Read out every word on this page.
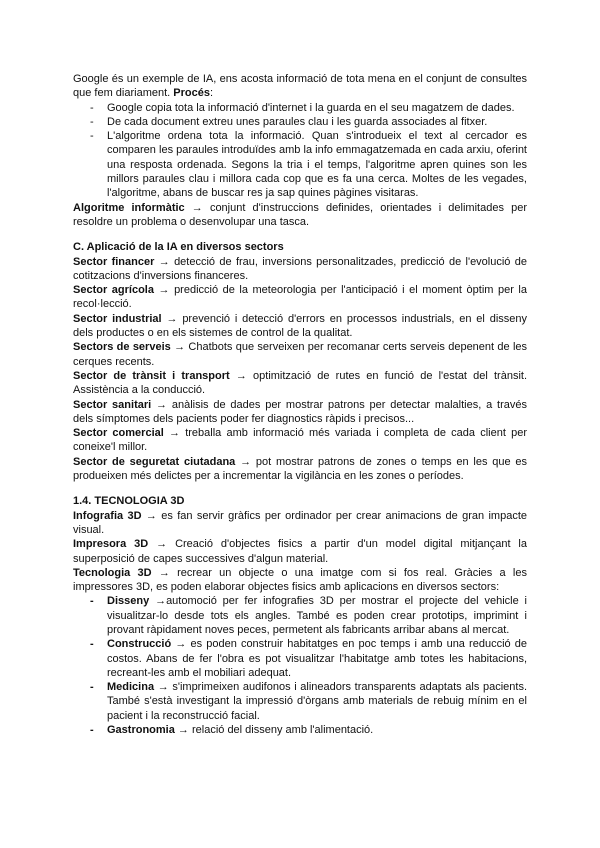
Google és un exemple de IA, ens acosta informació de tota mena en el conjunt de consultes que fem diariament. Procés:

- Google copia tota la informació d'internet i la guarda en el seu magatzem de dades.
- De cada document extreu unes paraules clau i les guarda associades al fitxer.
- L'algoritme ordena tota la informació. Quan s'introdueix el text al cercador es comparen les paraules introduïdes amb la info emmagatzemada en cada arxiu, oferint una resposta ordenada. Segons la tria i el temps, l'algoritme apren quines son les millors paraules clau i millora cada cop que es fa una cerca. Moltes de les vegades, l'algoritme, abans de buscar res ja sap quines pàgines visitaras.

Algoritme informàtic → conjunt d'instruccions definides, orientades i delimitades per resoldre un problema o desenvolupar una tasca.

C. Aplicació de la IA en diversos sectors

Sector financer → detecció de frau, inversions personalitzades, predicció de l'evolució de cotitzacions d'inversions financeres.

Sector agrícola → predicció de la meteorologia per l'anticipació i el moment òptim per la recol·lecció.

Sector industrial → prevenció i detecció d'errors en processos industrials, en el disseny dels productes o en els sistemes de control de la qualitat.

Sectors de serveis → Chatbots que serveixen per recomanar certs serveis depenent de les cerques recents.

Sector de trànsit i transport → optimització de rutes en funció de l'estat del trànsit. Assistència a la conducció.

Sector sanitari → anàlisis de dades per mostrar patrons per detectar malalties, a través dels símptomes dels pacients poder fer diagnostics ràpids i precisos...

Sector comercial → treballa amb informació més variada i completa de cada client per coneixe'l millor.

Sector de seguretat ciutadana → pot mostrar patrons de zones o temps en les que es produeixen més delictes per a incrementar la vigilància en les zones o períodes.

1.4. TECNOLOGIA 3D

Infografia 3D → es fan servir gràfics per ordinador per crear animacions de gran impacte visual.

Impresora 3D → Creació d'objectes fisics a partir d'un model digital mitjançant la superposició de capes successives d'algun material.

Tecnologia 3D → recrear un objecte o una imatge com si fos real. Gràcies a les impressores 3D, es poden elaborar objectes fisics amb aplicacions en diversos sectors:

- Disseny →automoció per fer infografies 3D per mostrar el projecte del vehicle i visualitzar-lo desde tots els angles. També es poden crear prototips, imprimint i provant ràpidament noves peces, permetent als fabricants arribar abans al mercat.
- Construcció → es poden construir habitatges en poc temps i amb una reducció de costos. Abans de fer l'obra es pot visualitzar l'habitatge amb totes les habitacions, recreant-les amb el mobiliari adequat.
- Medicina → s'imprimeixen audifonos i alineadors transparents adaptats als pacients. També s'està investigant la impressió d'òrgans amb materials de rebuig mínim en el pacient i la reconstrucció facial.
- Gastronomia → relació del disseny amb l'alimentació.
